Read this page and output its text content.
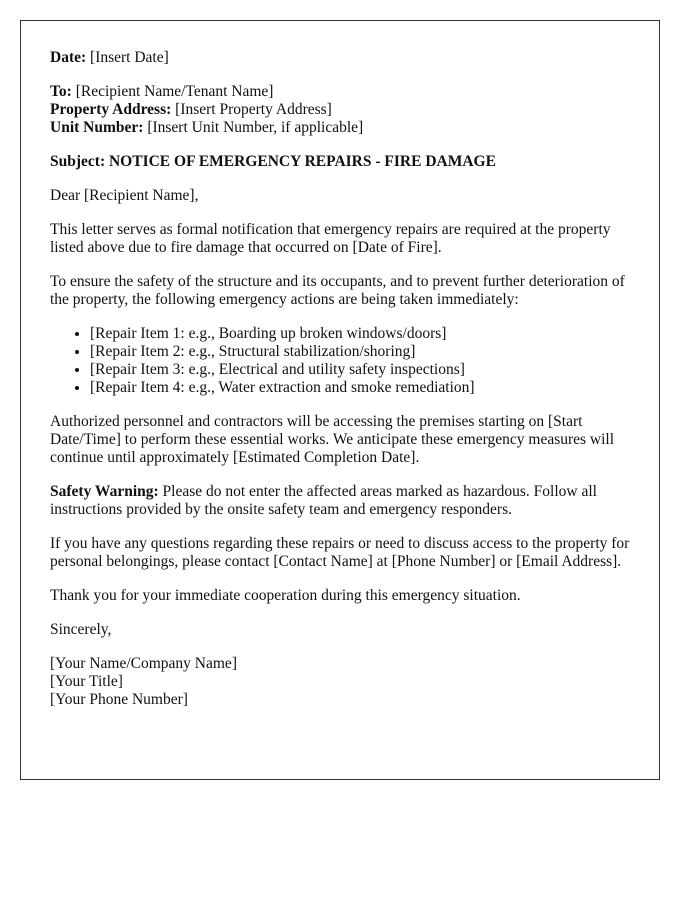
Date: [Insert Date]

To: [Recipient Name/Tenant Name]
Property Address: [Insert Property Address]
Unit Number: [Insert Unit Number, if applicable]

Subject: NOTICE OF EMERGENCY REPAIRS - FIRE DAMAGE

Dear [Recipient Name],

This letter serves as formal notification that emergency repairs are required at the property listed above due to fire damage that occurred on [Date of Fire].

To ensure the safety of the structure and its occupants, and to prevent further deterioration of the property, the following emergency actions are being taken immediately:

• [Repair Item 1: e.g., Boarding up broken windows/doors]
• [Repair Item 2: e.g., Structural stabilization/shoring]
• [Repair Item 3: e.g., Electrical and utility safety inspections]
• [Repair Item 4: e.g., Water extraction and smoke remediation]

Authorized personnel and contractors will be accessing the premises starting on [Start Date/Time] to perform these essential works. We anticipate these emergency measures will continue until approximately [Estimated Completion Date].

Safety Warning: Please do not enter the affected areas marked as hazardous. Follow all instructions provided by the onsite safety team and emergency responders.

If you have any questions regarding these repairs or need to discuss access to the property for personal belongings, please contact [Contact Name] at [Phone Number] or [Email Address].

Thank you for your immediate cooperation during this emergency situation.

Sincerely,

[Your Name/Company Name]

[Your Title]

[Your Phone Number]
